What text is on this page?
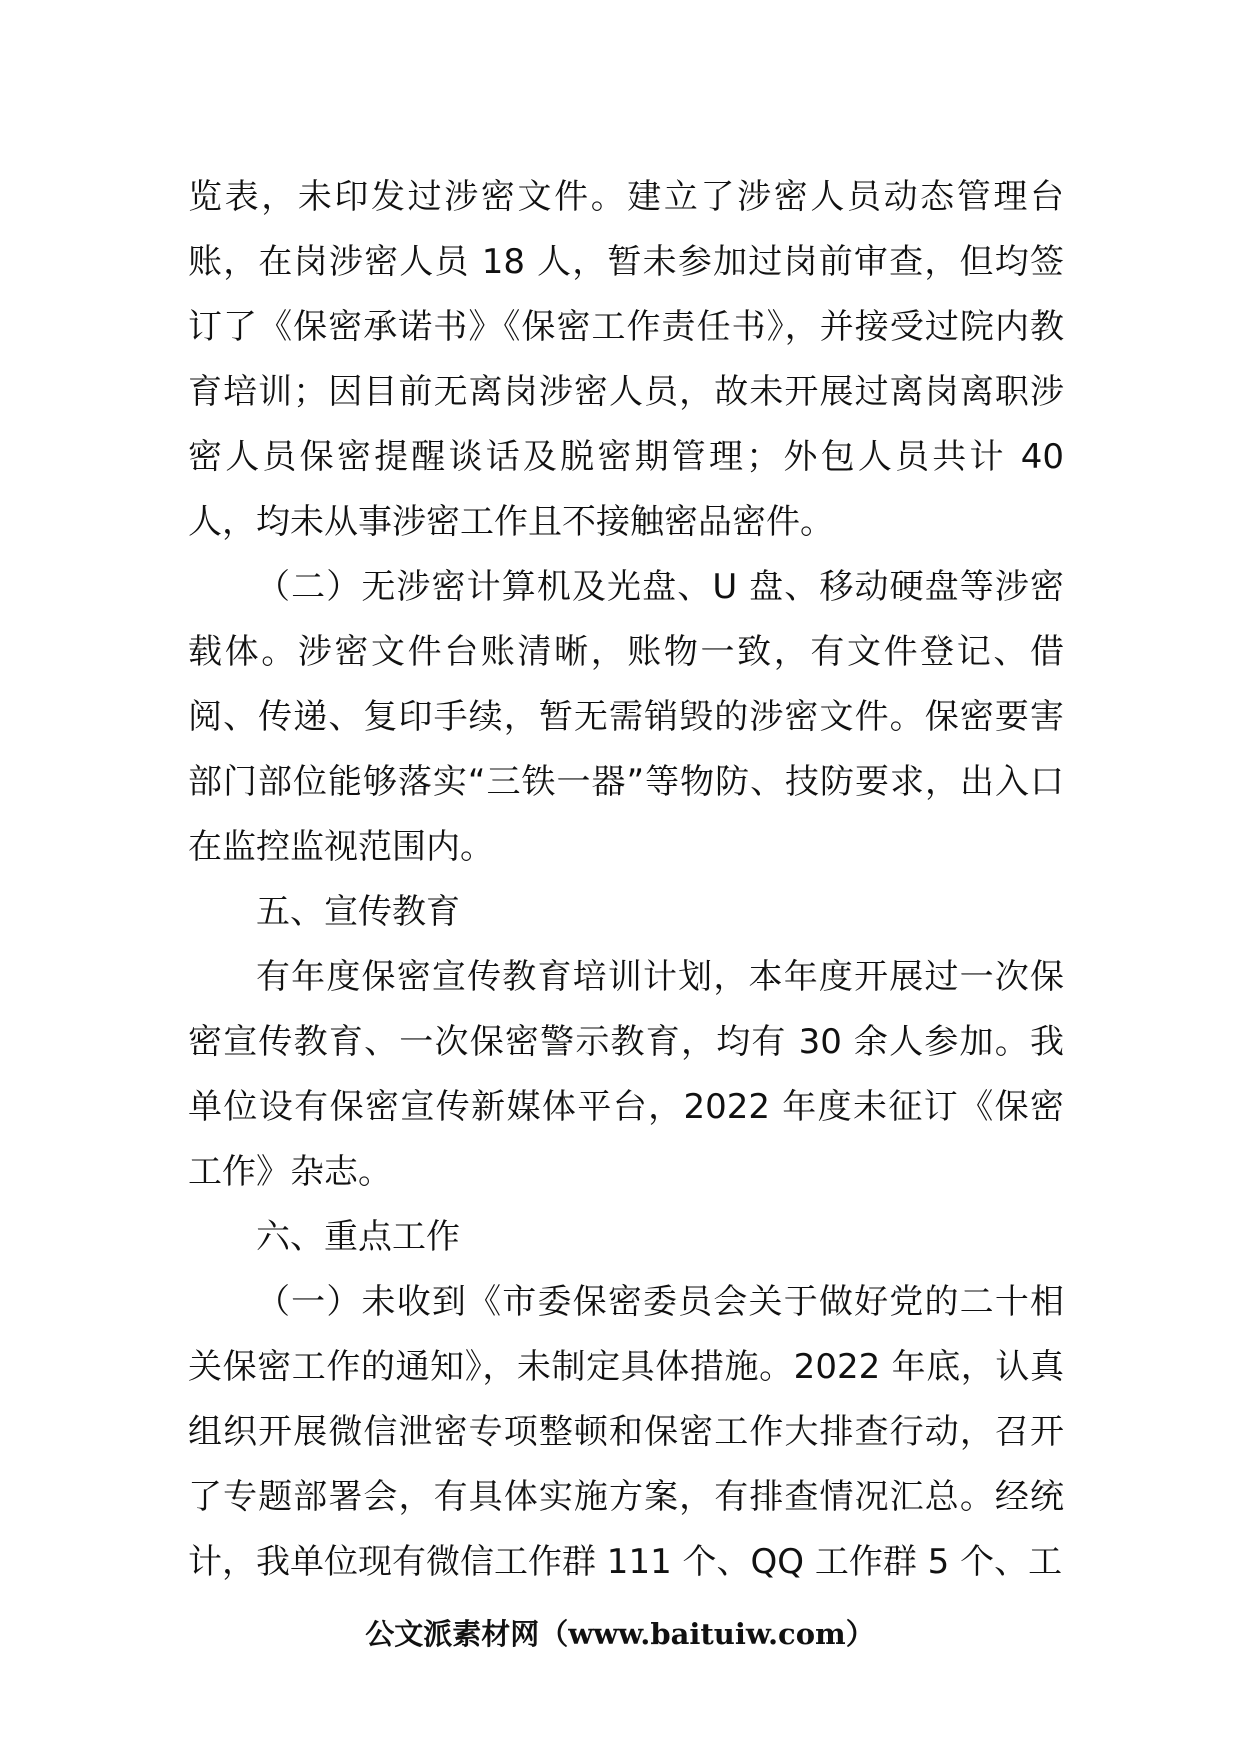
览表，未印发过涉密文件。建立了涉密人员动态管理台账，在岗涉密人员 18 人，暂未参加过岗前审查，但均签订了《保密承诺书》《保密工作责任书》，并接受过院内教育培训；因目前无离岗涉密人员，故未开展过离岗离职涉密人员保密提醒谈话及脱密期管理；外包人员共计 40 人，均未从事涉密工作且不接触密品密件。

（二）无涉密计算机及光盘、U 盘、移动硬盘等涉密载体。涉密文件台账清晰，账物一致，有文件登记、借阅、传递、复印手续，暂无需销毁的涉密文件。保密要害部门部位能够落实“三铁一器”等物防、技防要求，出入口在监控监视范围内。

五、宣传教育

有年度保密宣传教育培训计划，本年度开展过一次保密宣传教育、一次保密警示教育，均有 30 余人参加。我单位设有保密宣传新媒体平台，2022 年度未征订《保密工作》杂志。

六、重点工作

（一）未收到《市委保密委员会关于做好党的二十相关保密工作的通知》，未制定具体措施。2022 年底，认真组织开展微信泄密专项整顿和保密工作大排查行动，召开了专题部署会，有具体实施方案，有排查情况汇总。经统计，我单位现有微信工作群 111 个、QQ 工作群 5 个、工

公文派素材网（www.baituiw.com）
